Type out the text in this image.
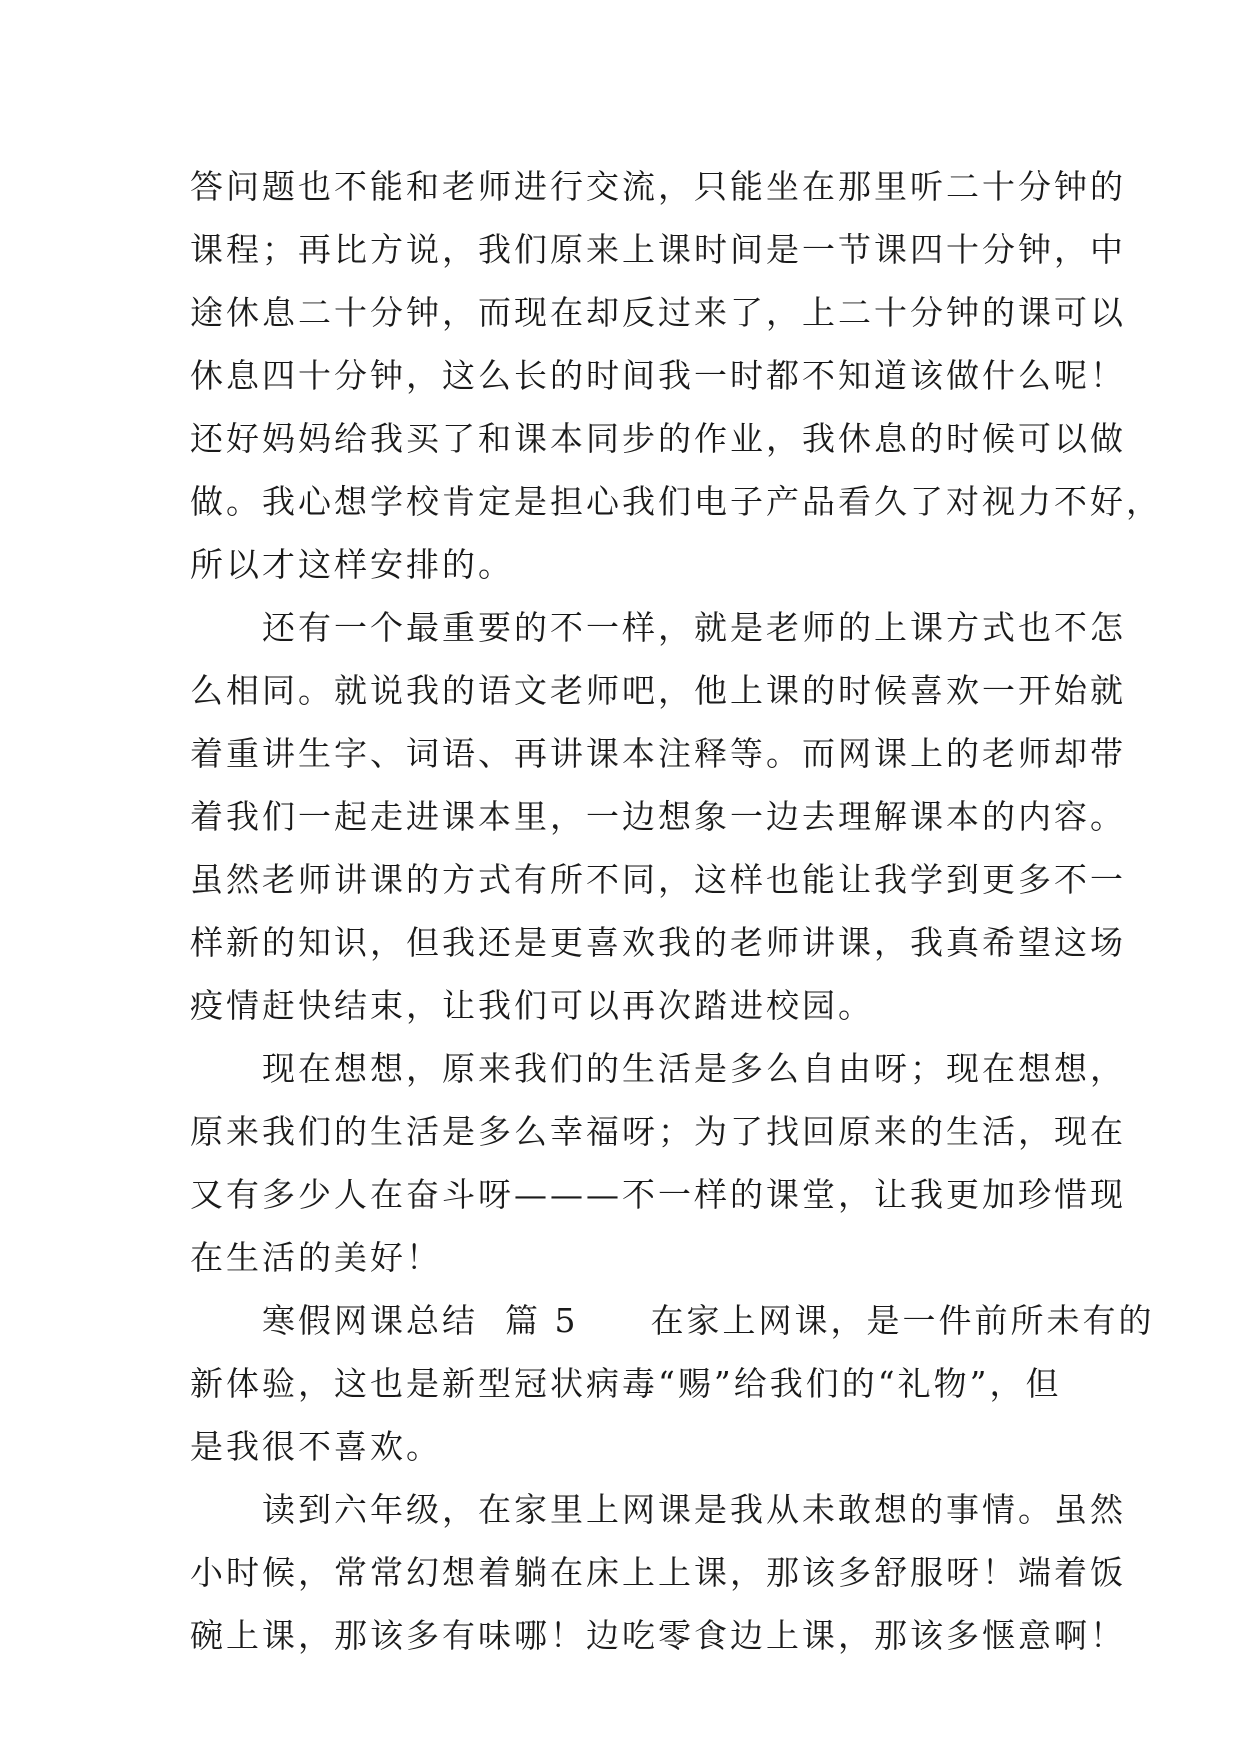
答问题也不能和老师进行交流，只能坐在那里听二十分钟的
课程；再比方说，我们原来上课时间是一节课四十分钟，中
途休息二十分钟，而现在却反过来了，上二十分钟的课可以
休息四十分钟，这么长的时间我一时都不知道该做什么呢！
还好妈妈给我买了和课本同步的作业，我休息的时候可以做
做。我心想学校肯定是担心我们电子产品看久了对视力不好，
所以才这样安排的。
　　还有一个最重要的不一样，就是老师的上课方式也不怎
么相同。就说我的语文老师吧，他上课的时候喜欢一开始就
着重讲生字、词语、再讲课本注释等。而网课上的老师却带
着我们一起走进课本里，一边想象一边去理解课本的内容。
虽然老师讲课的方式有所不同，这样也能让我学到更多不一
样新的知识，但我还是更喜欢我的老师讲课，我真希望这场
疫情赶快结束，让我们可以再次踏进校园。
　　现在想想，原来我们的生活是多么自由呀；现在想想，
原来我们的生活是多么幸福呀；为了找回原来的生活，现在
又有多少人在奋斗呀———不一样的课堂，让我更加珍惜现
在生活的美好！
　　寒假网课总结  篇 5　　在家上网课，是一件前所未有的
新体验，这也是新型冠状病毒“赐”给我们的“礼物”，但
是我很不喜欢。
　　读到六年级，在家里上网课是我从未敢想的事情。虽然
小时候，常常幻想着躺在床上上课，那该多舒服呀！端着饭
碗上课，那该多有味哪！边吃零食边上课，那该多惬意啊！
